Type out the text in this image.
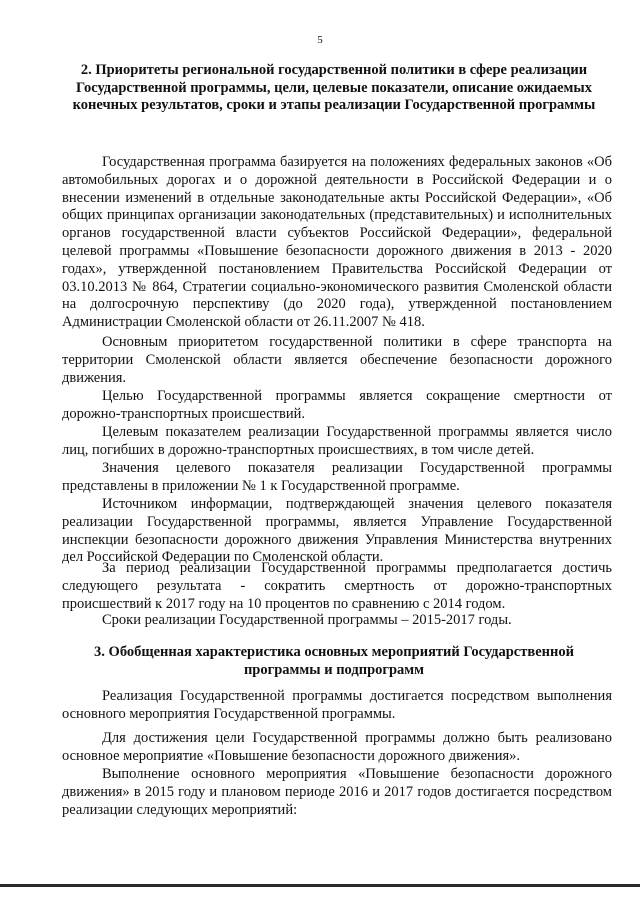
5
2. Приоритеты региональной государственной политики в сфере реализации Государственной программы, цели, целевые показатели, описание ожидаемых конечных результатов, сроки и этапы реализации Государственной программы

Государственная программа базируется на положениях федеральных законов «Об автомобильных дорогах и о дорожной деятельности в Российской Федерации и о внесении изменений в отдельные законодательные акты Российской Федерации», «Об общих принципах организации законодательных (представительных) и исполнительных органов государственной власти субъектов Российской Федерации», федеральной целевой программы «Повышение безопасности дорожного движения в 2013 - 2020 годах», утвержденной постановлением Правительства Российской Федерации от 03.10.2013 № 864, Стратегии социально-экономического развития Смоленской области на долгосрочную перспективу (до 2020 года), утвержденной постановлением Администрации Смоленской области от 26.11.2007 № 418.

Основным приоритетом государственной политики в сфере транспорта на территории Смоленской области является обеспечение безопасности дорожного движения.

Целью Государственной программы является сокращение смертности от дорожно-транспортных происшествий.

Целевым показателем реализации Государственной программы является число лиц, погибших в дорожно-транспортных происшествиях, в том числе детей.

Значения целевого показателя реализации Государственной программы представлены в приложении № 1 к Государственной программе.

Источником информации, подтверждающей значения целевого показателя реализации Государственной программы, является Управление Государственной инспекции безопасности дорожного движения Управления Министерства внутренних дел Российской Федерации по Смоленской области.

За период реализации Государственной программы предполагается достичь следующего результата - сократить смертность от дорожно-транспортных происшествий к 2017 году на 10 процентов по сравнению с 2014 годом.

Сроки реализации Государственной программы – 2015-2017 годы.

3. Обобщенная характеристика основных мероприятий Государственной программы и подпрограмм

Реализация Государственной программы достигается посредством выполнения основного мероприятия Государственной программы.

Для достижения цели Государственной программы должно быть реализовано основное мероприятие «Повышение безопасности дорожного движения».

Выполнение основного мероприятия «Повышение безопасности дорожного движения» в 2015 году и плановом периоде 2016 и 2017 годов достигается посредством реализации следующих мероприятий:
